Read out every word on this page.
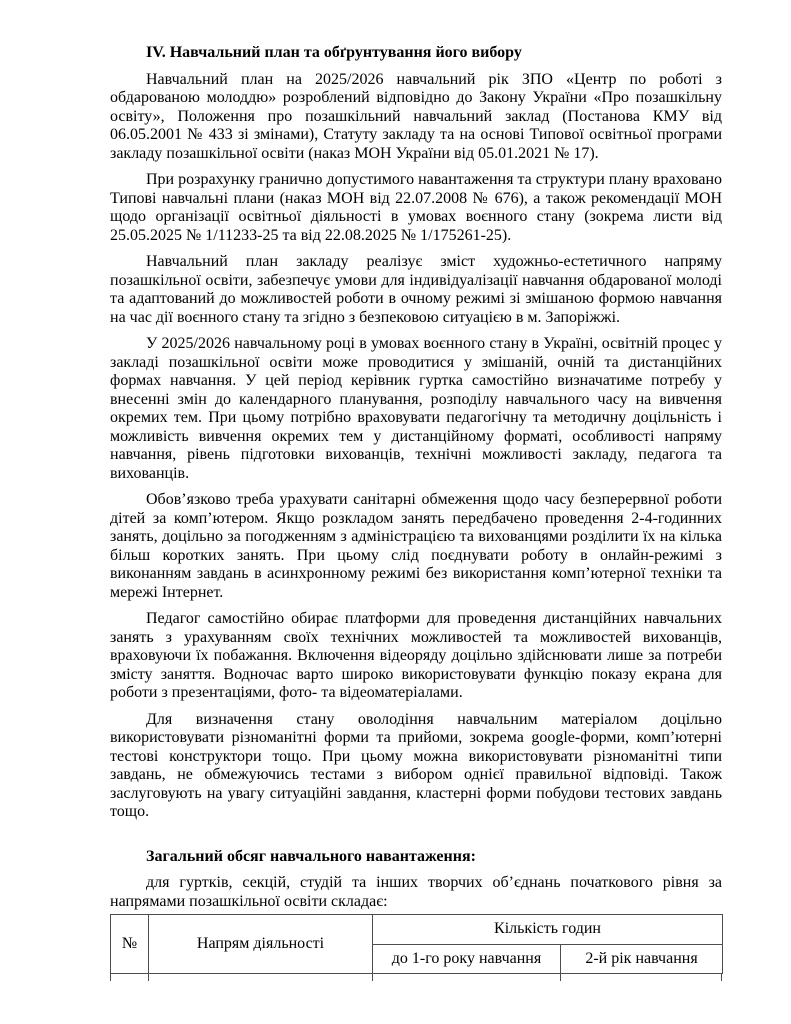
IV. Навчальний план та обґрунтування його вибору

Навчальний план на 2025/2026 навчальний рік ЗПО «Центр по роботі з обдарованою молоддю» розроблений відповідно до Закону України «Про позашкільну освіту», Положення про позашкільний навчальний заклад (Постанова КМУ від 06.05.2001 № 433 зі змінами), Статуту закладу та на основі Типової освітньої програми закладу позашкільної освіти (наказ МОН України від 05.01.2021 № 17).

При розрахунку гранично допустимого навантаження та структури плану враховано Типові навчальні плани (наказ МОН від 22.07.2008 № 676), а також рекомендації МОН щодо організації освітньої діяльності в умовах воєнного стану (зокрема листи від 25.05.2025 № 1/11233-25 та від 22.08.2025 № 1/175261-25).

Навчальний план закладу реалізує зміст художньо-естетичного напряму позашкільної освіти, забезпечує умови для індивідуалізації навчання обдарованої молоді та адаптований до можливостей роботи в очному режимі зі змішаною формою навчання на час дії воєнного стану та згідно з безпековою ситуацією в м. Запоріжжі.

У 2025/2026 навчальному році в умовах воєнного стану в Україні, освітній процес у закладі позашкільної освіти може проводитися у змішаній, очній та дистанційних формах навчання. У цей період керівник гуртка самостійно визначатиме потребу у внесенні змін до календарного планування, розподілу навчального часу на вивчення окремих тем. При цьому потрібно враховувати педагогічну та методичну доцільність і можливість вивчення окремих тем у дистанційному форматі, особливості напряму навчання, рівень підготовки вихованців, технічні можливості закладу, педагога та вихованців.

Обов’язково треба урахувати санітарні обмеження щодо часу безперервної роботи дітей за комп’ютером. Якщо розкладом занять передбачено проведення 2-4-годинних занять, доцільно за погодженням з адміністрацією та вихованцями розділити їх на кілька більш коротких занять. При цьому слід поєднувати роботу в онлайн-режимі з виконанням завдань в асинхронному режимі без використання комп’ютерної техніки та мережі Інтернет.

Педагог самостійно обирає платформи для проведення дистанційних навчальних занять з урахуванням своїх технічних можливостей та можливостей вихованців, враховуючи їх побажання. Включення відеоряду доцільно здійснювати лише за потреби змісту заняття. Водночас варто широко використовувати функцію показу екрана для роботи з презентаціями, фото- та відеоматеріалами.

Для визначення стану оволодіння навчальним матеріалом доцільно використовувати різноманітні форми та прийоми, зокрема google-форми, комп’ютерні тестові конструктори тощо. При цьому можна використовувати різноманітні типи завдань, не обмежуючись тестами з вибором однієї правильної відповіді. Також заслуговують на увагу ситуаційні завдання, кластерні форми побудови тестових завдань тощо.

Загальний обсяг навчального навантаження:

для гуртків, секцій, студій та інших творчих об’єднань початкового рівня за напрямами позашкільної освіти складає:

№	Напрям діяльності	Кількість годин	
		до 1-го року навчання	2-й рік навчання
